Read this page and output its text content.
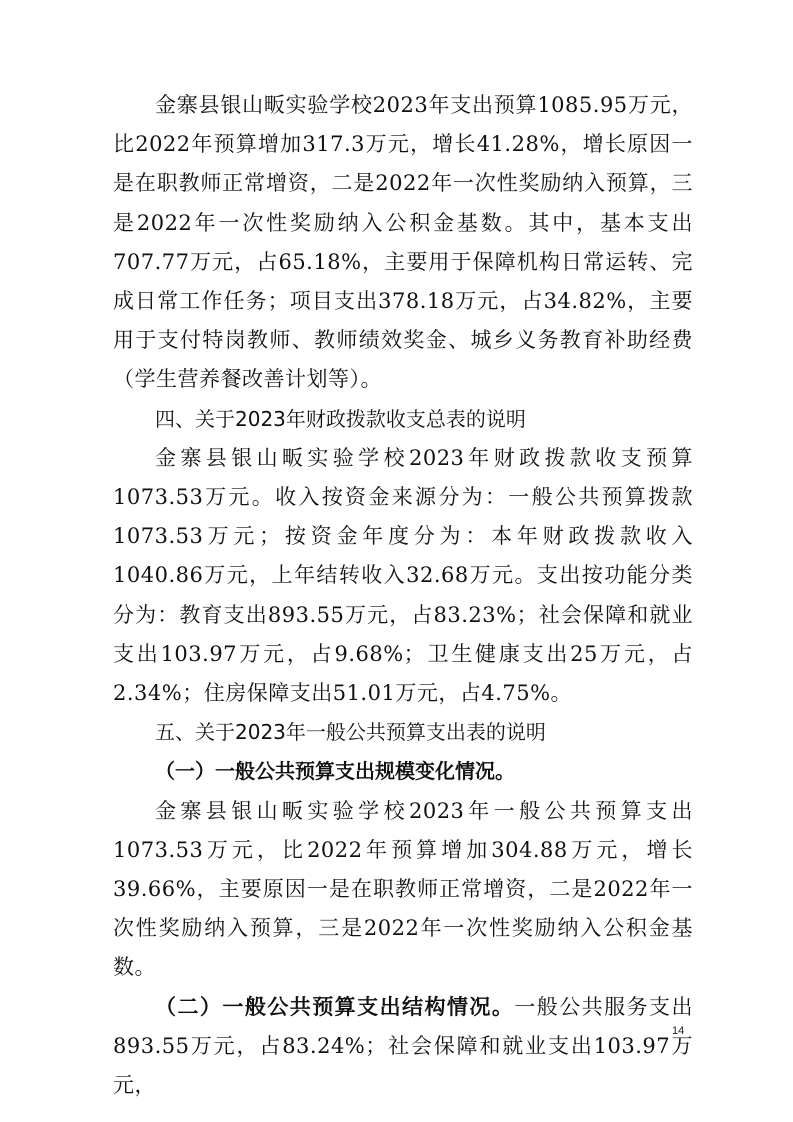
金寨县银山畈实验学校2023年支出预算1085.95万元，比2022年预算增加317.3万元，增长41.28%，增长原因一是在职教师正常增资，二是2022年一次性奖励纳入预算，三是2022年一次性奖励纳入公积金基数。其中，基本支出707.77万元，占65.18%，主要用于保障机构日常运转、完成日常工作任务；项目支出378.18万元，占34.82%，主要用于支付特岗教师、教师绩效奖金、城乡义务教育补助经费（学生营养餐改善计划等）。

四、关于2023年财政拨款收支总表的说明

金寨县银山畈实验学校2023年财政拨款收支预算1073.53万元。收入按资金来源分为：一般公共预算拨款1073.53万元；按资金年度分为：本年财政拨款收入1040.86万元，上年结转收入32.68万元。支出按功能分类分为：教育支出893.55万元，占83.23%；社会保障和就业支出103.97万元，占9.68%；卫生健康支出25万元，占2.34%；住房保障支出51.01万元，占4.75%。

五、关于2023年一般公共预算支出表的说明

（一）一般公共预算支出规模变化情况。

金寨县银山畈实验学校2023年一般公共预算支出1073.53万元，比2022年预算增加304.88万元，增长39.66%，主要原因一是在职教师正常增资，二是2022年一次性奖励纳入预算，三是2022年一次性奖励纳入公积金基数。

（二）一般公共预算支出结构情况。一般公共服务支出893.55万元，占83.24%；社会保障和就业支出103.97万元，

14
